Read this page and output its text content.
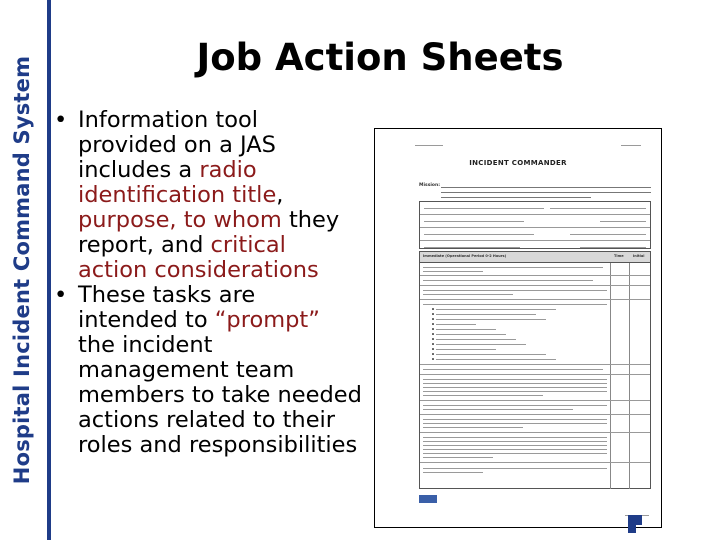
Hospital Incident Command System	Job Action Sheets
• Information tool provided on a JAS includes a radio identification title, purpose, to whom they report, and critical action considerations
• These tasks are intended to “prompt” the incident management team members to take needed actions related to their roles and responsibilities
INCIDENT COMMANDER
Mission:
Immediate (Operational Period 0-2 Hours)	Time	Initial
